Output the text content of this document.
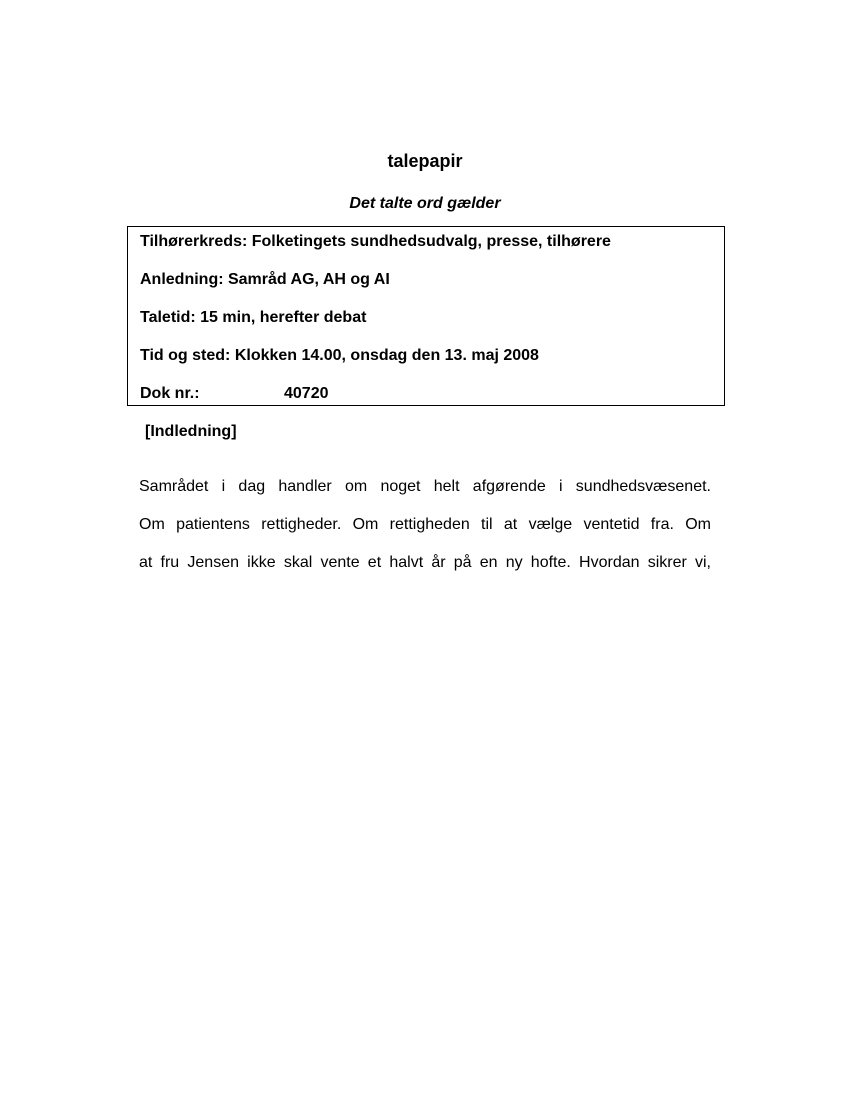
talepapir
Det talte ord gælder
Tilhørerkreds: Folketingets sundhedsudvalg, presse, tilhørere
Anledning: Samråd AG, AH og AI
Taletid: 15 min, herefter debat
Tid og sted: Klokken 14.00, onsdag den 13. maj 2008
Dok nr.:	40720
[Indledning]
Samrådet i dag handler om noget helt afgørende i sundhedsvæsenet.
Om patientens rettigheder. Om rettigheden til at vælge ventetid fra. Om
at fru Jensen ikke skal vente et halvt år på en ny hofte. Hvordan sikrer vi,
